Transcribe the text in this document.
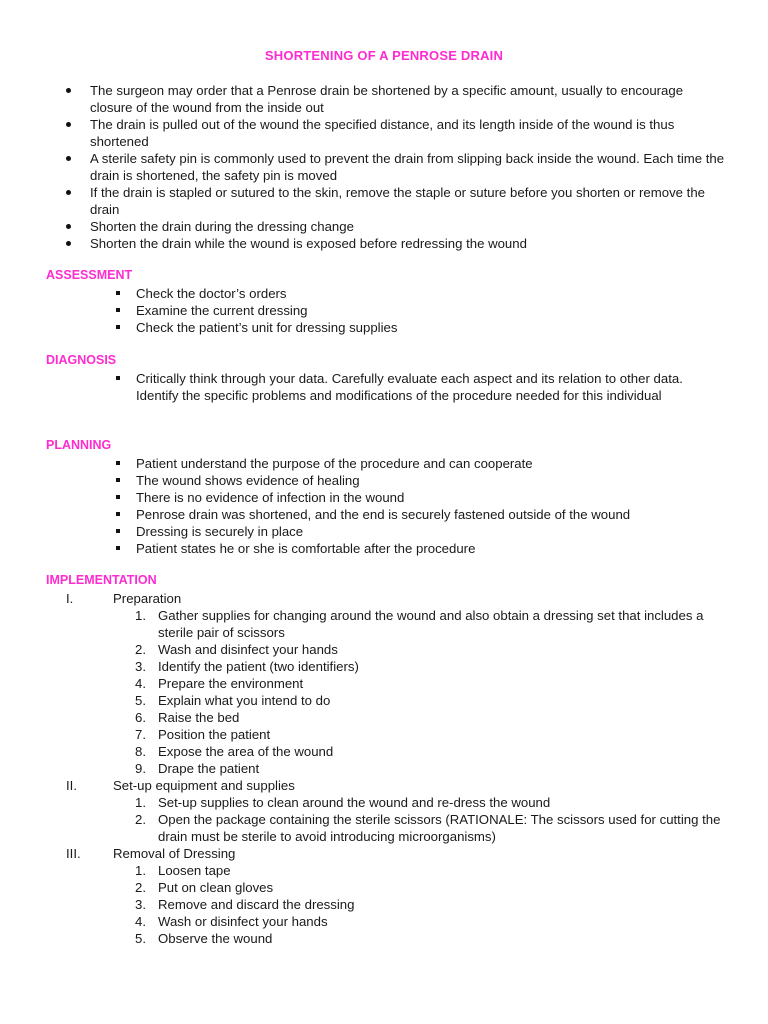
SHORTENING OF A PENROSE DRAIN
The surgeon may order that a Penrose drain be shortened by a specific amount, usually to encourage closure of the wound from the inside out
The drain is pulled out of the wound the specified distance, and its length inside of the wound is thus shortened
A sterile safety pin is commonly used to prevent the drain from slipping back inside the wound. Each time the drain is shortened, the safety pin is moved
If the drain is stapled or sutured to the skin, remove the staple or suture before you shorten or remove the drain
Shorten the drain during the dressing change
Shorten the drain while the wound is exposed before redressing the wound
ASSESSMENT
Check the doctor’s orders
Examine the current dressing
Check the patient’s unit for dressing supplies
DIAGNOSIS
Critically think through your data. Carefully evaluate each aspect and its relation to other data. Identify the specific problems and modifications of the procedure needed for this individual
PLANNING
Patient understand the purpose of the procedure and can cooperate
The wound shows evidence of healing
There is no evidence of infection in the wound
Penrose drain was shortened, and the end is securely fastened outside of the wound
Dressing is securely in place
Patient states he or she is comfortable after the procedure
IMPLEMENTATION
I.	Preparation
1. Gather supplies for changing around the wound and also obtain a dressing set that includes a sterile pair of scissors
2. Wash and disinfect your hands
3. Identify the patient (two identifiers)
4. Prepare the environment
5. Explain what you intend to do
6. Raise the bed
7. Position the patient
8. Expose the area of the wound
9. Drape the patient
II.	Set-up equipment and supplies
1. Set-up supplies to clean around the wound and re-dress the wound
2. Open the package containing the sterile scissors (RATIONALE: The scissors used for cutting the drain must be sterile to avoid introducing microorganisms)
III. Removal of Dressing
1. Loosen tape
2. Put on clean gloves
3. Remove and discard the dressing
4. Wash or disinfect your hands
5. Observe the wound
